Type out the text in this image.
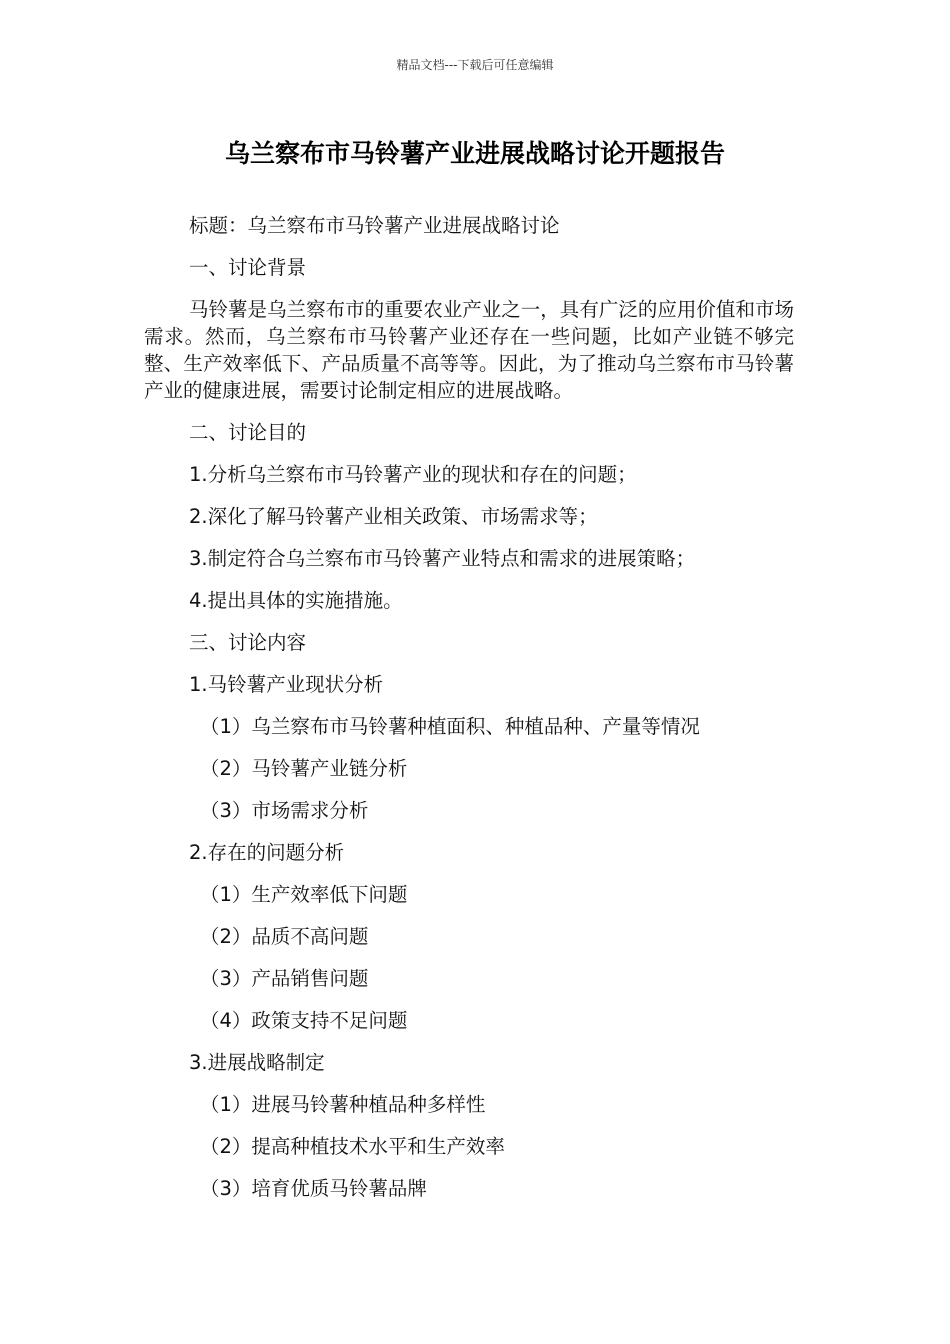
精品文档---下载后可任意编辑
乌兰察布市马铃薯产业进展战略讨论开题报告
标题：乌兰察布市马铃薯产业进展战略讨论
一、讨论背景
马铃薯是乌兰察布市的重要农业产业之一，具有广泛的应用价值和市场需求。然而，乌兰察布市马铃薯产业还存在一些问题，比如产业链不够完整、生产效率低下、产品质量不高等等。因此，为了推动乌兰察布市马铃薯产业的健康进展，需要讨论制定相应的进展战略。
二、讨论目的
1.分析乌兰察布市马铃薯产业的现状和存在的问题；
2.深化了解马铃薯产业相关政策、市场需求等；
3.制定符合乌兰察布市马铃薯产业特点和需求的进展策略；
4.提出具体的实施措施。
三、讨论内容
1.马铃薯产业现状分析
（1）乌兰察布市马铃薯种植面积、种植品种、产量等情况
（2）马铃薯产业链分析
（3）市场需求分析
2.存在的问题分析
（1）生产效率低下问题
（2）品质不高问题
（3）产品销售问题
（4）政策支持不足问题
3.进展战略制定
（1）进展马铃薯种植品种多样性
（2）提高种植技术水平和生产效率
（3）培育优质马铃薯品牌
